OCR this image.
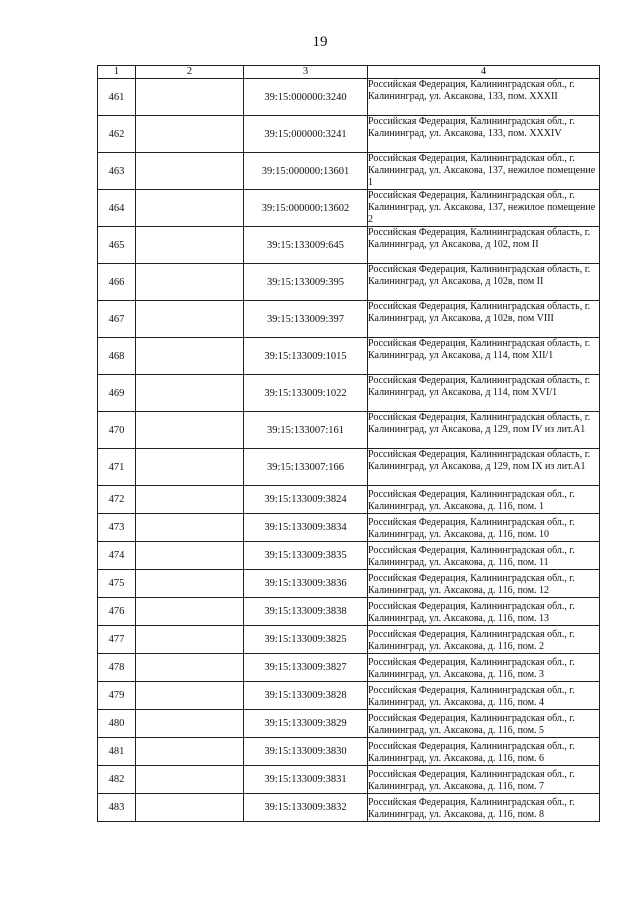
19
1	2	3	4
461		39:15:000000:3240	Российская Федерация, Калининградская обл., г. Калининград, ул. Аксакова, 133, пом. XXXII

462		39:15:000000:3241	Российская Федерация, Калининградская обл., г. Калининград, ул. Аксакова, 133, пом. XXXIV

463		39:15:000000:13601	Российская Федерация, Калининградская обл., г. Калининград, ул. Аксакова, 137, нежилое помещение 1

464		39:15:000000:13602	Российская Федерация, Калининградская обл., г. Калининград, ул. Аксакова, 137, нежилое помещение 2

465		39:15:133009:645	Российская Федерация, Калининградская область, г. Калининград, ул Аксакова, д 102, пом II

466		39:15:133009:395	Российская Федерация, Калининградская область, г. Калининград, ул Аксакова, д 102в, пом II

467		39:15:133009:397	Российская Федерация, Калининградская область, г. Калининград, ул Аксакова, д 102в, пом VIII

468		39:15:133009:1015	Российская Федерация, Калининградская область, г. Калининград, ул Аксакова, д 114, пом XII/1

469		39:15:133009:1022	Российская Федерация, Калининградская область, г. Калининград, ул Аксакова, д 114, пом XVI/1

470		39:15:133007:161	Российская Федерация, Калининградская область, г. Калининград, ул Аксакова, д 129, пом IV из лит.А1

471		39:15:133007:166	Российская Федерация, Калининградская область, г. Калининград, ул Аксакова, д 129, пом IX из лит.А1

472		39:15:133009:3824	Российская Федерация, Калининградская обл., г. Калининград, ул. Аксакова, д. 116, пом. 1

473		39:15:133009:3834	Российская Федерация, Калининградская обл., г. Калининград, ул. Аксакова, д. 116, пом. 10

474		39:15:133009:3835	Российская Федерация, Калининградская обл., г. Калининград, ул. Аксакова, д. 116, пом. 11

475		39:15:133009:3836	Российская Федерация, Калининградская обл., г. Калининград, ул. Аксакова, д. 116, пом. 12

476		39:15:133009:3838	Российская Федерация, Калининградская обл., г. Калининград, ул. Аксакова, д. 116, пом. 13

477		39:15:133009:3825	Российская Федерация, Калининградская обл., г. Калининград, ул. Аксакова, д. 116, пом. 2

478		39:15:133009:3827	Российская Федерация, Калининградская обл., г. Калининград, ул. Аксакова, д. 116, пом. 3

479		39:15:133009:3828	Российская Федерация, Калининградская обл., г. Калининград, ул. Аксакова, д. 116, пом. 4

480		39:15:133009:3829	Российская Федерация, Калининградская обл., г. Калининград, ул. Аксакова, д. 116, пом. 5

481		39:15:133009:3830	Российская Федерация, Калининградская обл., г. Калининград, ул. Аксакова, д. 116, пом. 6

482		39:15:133009:3831	Российская Федерация, Калининградская обл., г. Калининград, ул. Аксакова, д. 116, пом. 7

483		39:15:133009:3832	Российская Федерация, Калининградская обл., г. Калининград, ул. Аксакова, д. 116, пом. 8
